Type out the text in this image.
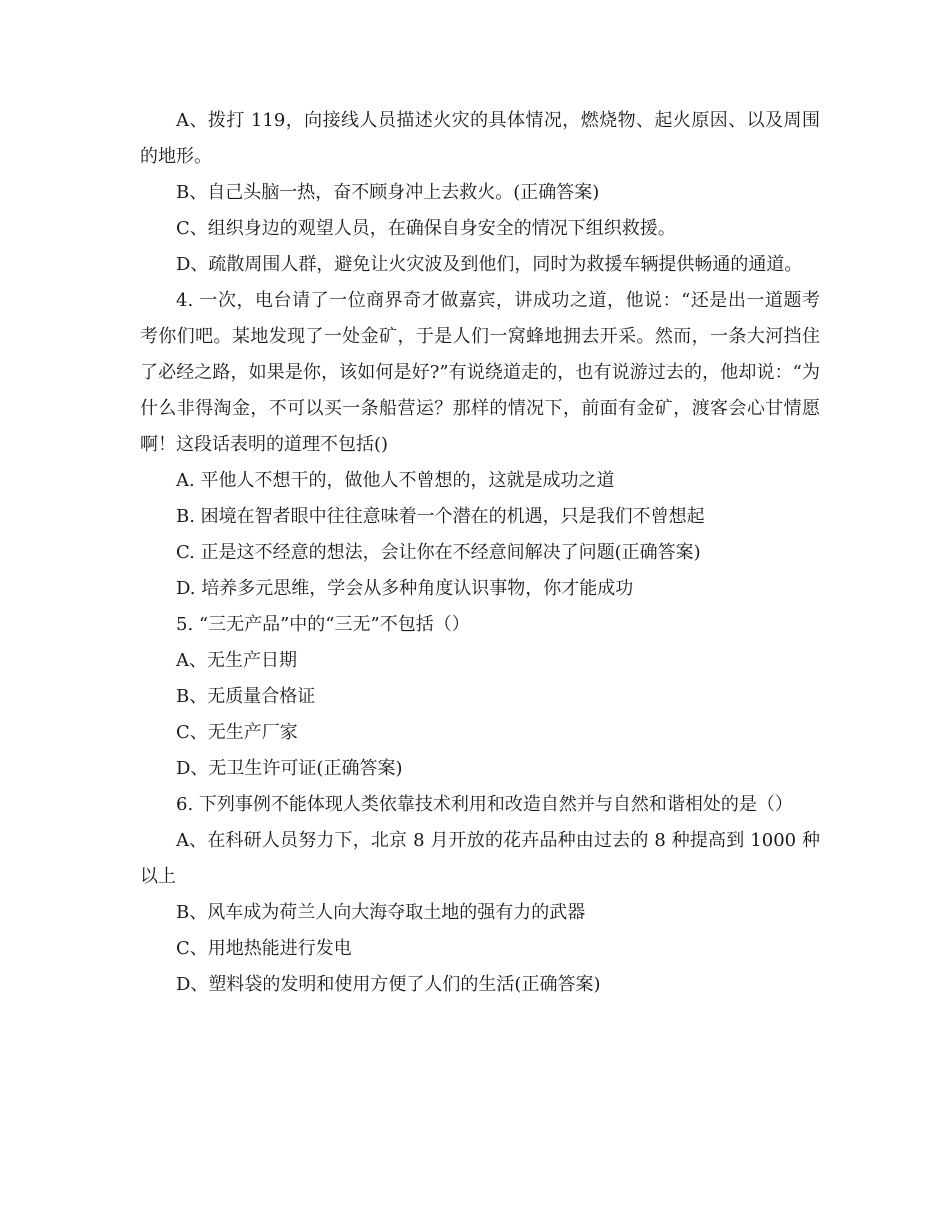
A、拨打 119，向接线人员描述火灾的具体情况，燃烧物、起火原因、以及周围的地形。

B、自己头脑一热，奋不顾身冲上去救火。(正确答案)

C、组织身边的观望人员，在确保自身安全的情况下组织救援。

D、疏散周围人群，避免让火灾波及到他们，同时为救援车辆提供畅通的通道。

4. 一次，电台请了一位商界奇才做嘉宾，讲成功之道，他说：“还是出一道题考考你们吧。某地发现了一处金矿，于是人们一窝蜂地拥去开采。然而，一条大河挡住了必经之路，如果是你，该如何是好?”有说绕道走的，也有说游过去的，他却说：“为什么非得淘金，不可以买一条船营运？那样的情况下，前面有金矿，渡客会心甘情愿啊！这段话表明的道理不包括()

A. 平他人不想干的，做他人不曾想的，这就是成功之道

B. 困境在智者眼中往往意味着一个潜在的机遇，只是我们不曾想起

C. 正是这不经意的想法，会让你在不经意间解决了问题(正确答案)

D. 培养多元思维，学会从多种角度认识事物，你才能成功

5. “三无产品”中的“三无”不包括（）

A、无生产日期

B、无质量合格证

C、无生产厂家

D、无卫生许可证(正确答案)

6. 下列事例不能体现人类依靠技术利用和改造自然并与自然和谐相处的是（）

A、在科研人员努力下，北京 8 月开放的花卉品种由过去的 8 种提高到 1000 种以上

B、风车成为荷兰人向大海夺取土地的强有力的武器

C、用地热能进行发电

D、塑料袋的发明和使用方便了人们的生活(正确答案)
